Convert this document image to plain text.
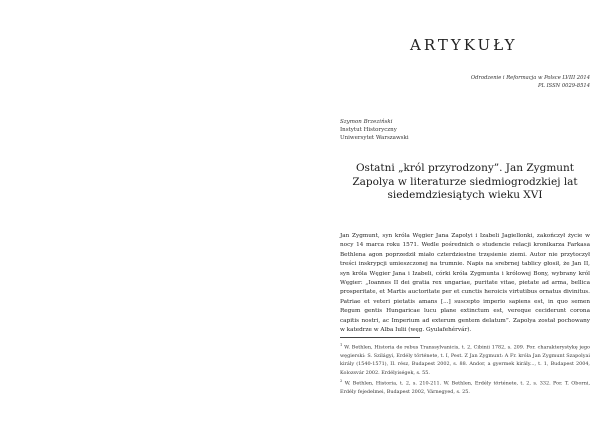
ARTYKUŁY
Odrodzenie i Reformacja w Polsce LVIII 2014
PL ISSN 0029-8514
Szymon Brzeziński
Instytut Historyczny
Uniwersytet Warszawski
Ostatni „król przyrodzony”. Jan Zygmunt
Zapolya w literaturze siedmiogrodzkiej lat
siedemdziesiątych wieku XVI

Jan Zygmunt, syn króla Węgier Jana Zapolyi i Izabeli Jagiellonki, zakończył życie w nocy 14 marca roku 1571. Wedle pośrednich o studencie relacji kronikarza Farkasa Bethlena agon poprzedził miało czterdziestne trzęsienie ziemi. Autor nie przytoczył treści inskrypcji umieszczonej na trumnie. Napis na srebrnej tablicy głosił, że Jan II, syn króla Węgier Jana i Izabeli, córki króla Zygmunta i królowej Bony, wybrany król Węgier: „Ioannes II dei gratia rex ungariae, puritate vitae, pietate ad arma, bellica prosperitate, et Martis auctoritate per et cunctis heroicis virtutibus ornatus divinitus. Patriae et veteri pietatis amans [...] suscepto imperio sapiens est, in quo semen Regum gentis Hungaricae lucu plane extinctum est, vereque ceciderunt corona capitis nostri, ac Imperium ad exterum gentem delatum”. Zapolya został pochowany w katedrze w Alba Iulii (węg. Gyulafehérvár).

$^1$ W. Bethlen, Historia de rebus Transsylvanicis, t. 2, Cibinii 1782, s. 209. Por. charakterystykę jego węgierski: S. Szilágyi, Erdély története, t. I, Pest. Z Jan Zygmunt: A Fr. króla Jan Zygmunt Szapolyai király (1540-1571), II. rész, Budapest 2002, s. 88. Andor, a gyermek király..., t. 1, Budapest 2004, Kolozsvár 2002. Erdélyiségek, s. 55.

$^2$ W. Bethlen, Historia, t. 2, s. 210-211. W. Bethlen, Erdély története, t. 2, s. 332. Por. T. Oborni, Erdély fejedelmei, Budapest 2002, Várnegyed, s. 25.
